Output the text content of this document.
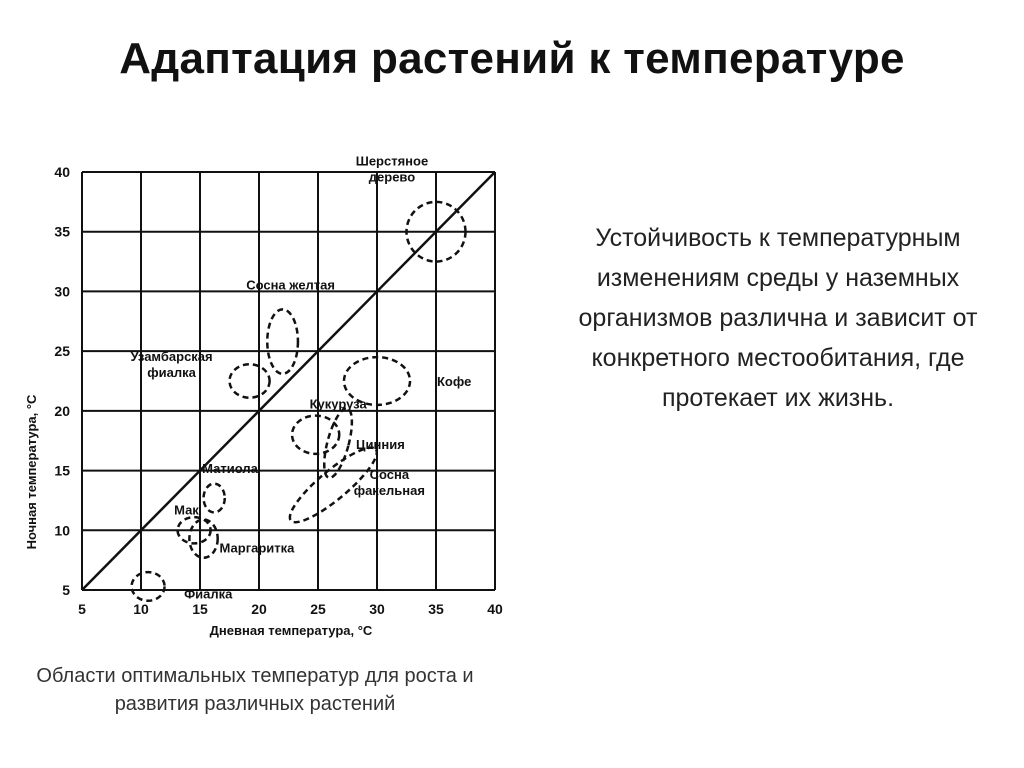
Адаптация растений к температуре
Шерстяное дерево
Сосна желтая
Узамбарская фиалка
Кофе
Кукуруза
Цинния
Сосна факельная
Матиола
Мак
Маргаритка
Фиалка
5	10	15	20	25	30	35	40
5
10
15
20
25
30
35
40
Дневная температура, °С
Ночная температура, °С
Устойчивость к температурным изменениям среды у наземных организмов различна и зависит от конкретного местообитания, где протекает их жизнь.
Области оптимальных температур для роста и развития различных растений
